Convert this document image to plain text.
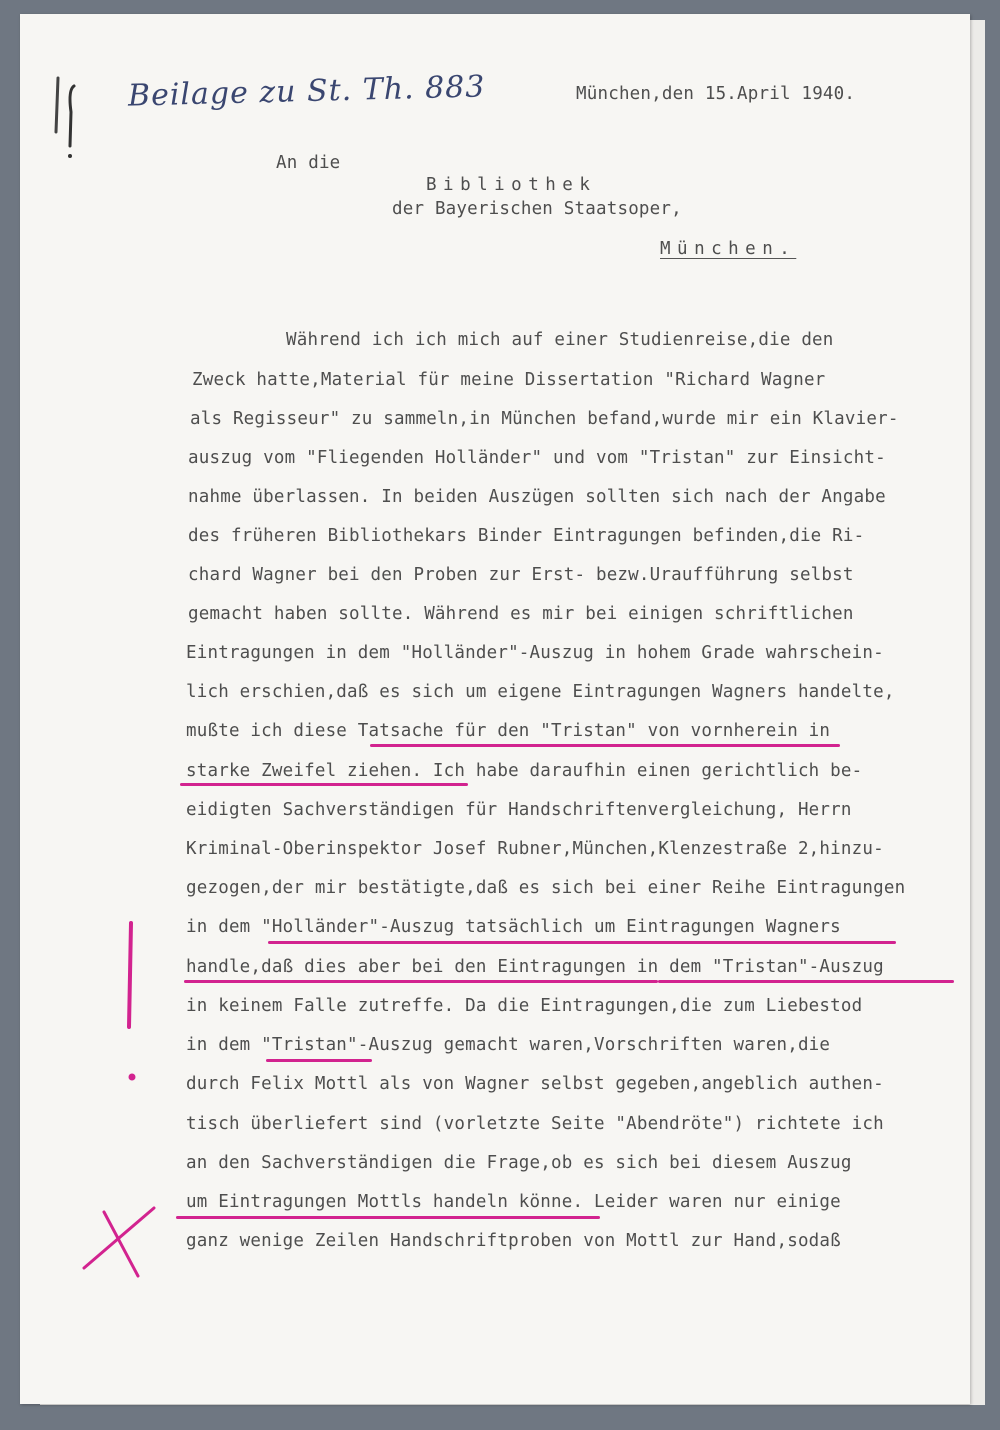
Beilage zu St. Th. 883	München,den 15.April 1940.
An die
Bibliothek
der Bayerischen Staatsoper,
München.
Während ich ich mich auf einer Studienreise,die den
Zweck hatte,Material für meine Dissertation "Richard Wagner
als Regisseur" zu sammeln,in München befand,wurde mir ein Klavier-
auszug vom "Fliegenden Holländer" und vom "Tristan" zur Einsicht-
nahme überlassen. In beiden Auszügen sollten sich nach der Angabe
des früheren Bibliothekars Binder Eintragungen befinden,die Ri-
chard Wagner bei den Proben zur Erst- bezw.Uraufführung selbst
gemacht haben sollte. Während es mir bei einigen schriftlichen
Eintragungen in dem "Holländer"-Auszug in hohem Grade wahrschein-
lich erschien,daß es sich um eigene Eintragungen Wagners handelte,
mußte ich diese Tatsache für den "Tristan" von vornherein in
starke Zweifel ziehen. Ich habe daraufhin einen gerichtlich be-
eidigten Sachverständigen für Handschriftenvergleichung, Herrn
Kriminal-Oberinspektor Josef Rubner,München,Klenzestraße 2,hinzu-
gezogen,der mir bestätigte,daß es sich bei einer Reihe Eintragungen
in dem "Holländer"-Auszug tatsächlich um Eintragungen Wagners
handle,daß dies aber bei den Eintragungen in dem "Tristan"-Auszug
in keinem Falle zutreffe. Da die Eintragungen,die zum Liebestod
in dem "Tristan"-Auszug gemacht waren,Vorschriften waren,die
durch Felix Mottl als von Wagner selbst gegeben,angeblich authen-
tisch überliefert sind (vorletzte Seite "Abendröte") richtete ich
an den Sachverständigen die Frage,ob es sich bei diesem Auszug
um Eintragungen Mottls handeln könne. Leider waren nur einige
ganz wenige Zeilen Handschriftproben von Mottl zur Hand,sodaß
